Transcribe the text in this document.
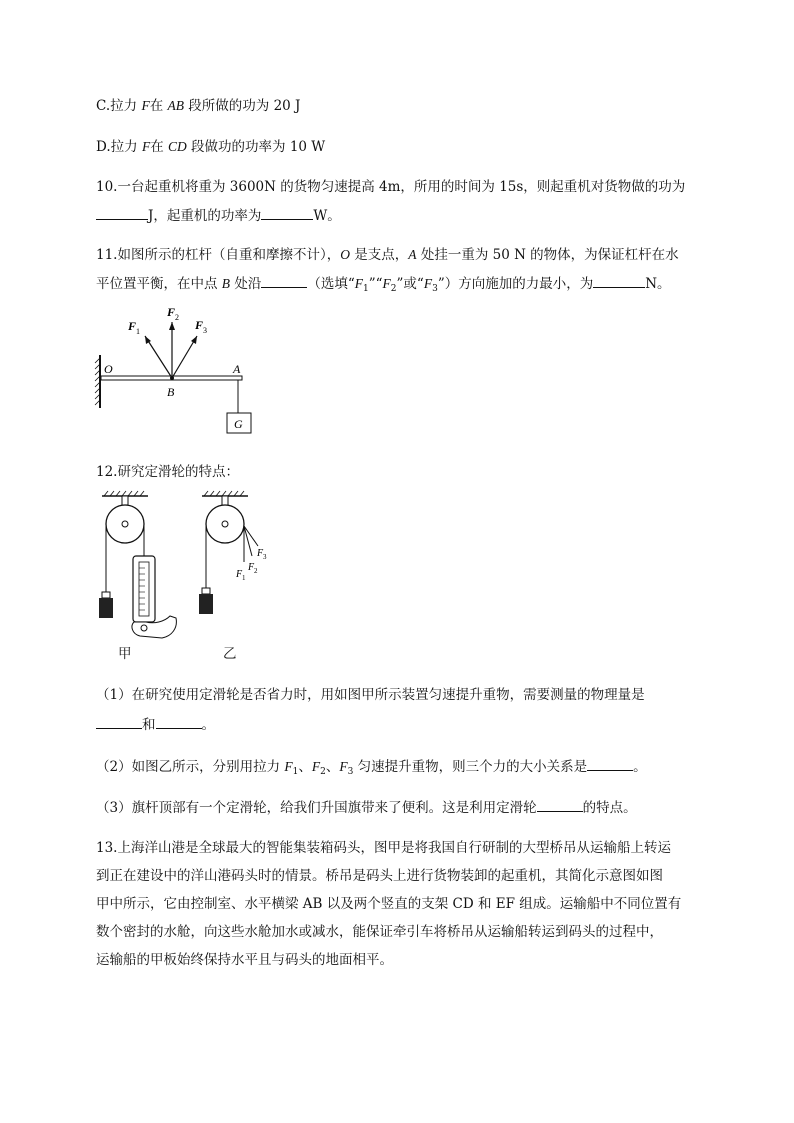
C.拉力 F在 AB 段所做的功为 20 J
D.拉力 F在 CD 段做功的功率为 10 W
10.一台起重机将重为 3600N 的货物匀速提高 4m，所用的时间为 15s，则起重机对货物做的功为
J，起重机的功率为	W。
11.如图所示的杠杆（自重和摩擦不计），O 是支点，A 处挂一重为 50 N 的物体，为保证杠杆在水
平位置平衡，在中点 B 处沿	（选填“$F_1”“F_2$”或“$F_3$”）方向施加的力最小，为	N。
F 1
F 2
F 3
O	A
B
G
12.研究定滑轮的特点：
F 1
F 2
F 3
甲	乙
（1）在研究使用定滑轮是否省力时，用如图甲所示装置匀速提升重物，需要测量的物理量是
和	。
（2）如图乙所示，分别用拉力 $F_1$、$F_2$、$F_3$ 匀速提升重物，则三个力的大小关系是	。
（3）旗杆顶部有一个定滑轮，给我们升国旗带来了便利。这是利用定滑轮	的特点。
13.上海洋山港是全球最大的智能集装箱码头，图甲是将我国自行研制的大型桥吊从运输船上转运
到正在建设中的洋山港码头时的情景。桥吊是码头上进行货物装卸的起重机，其简化示意图如图
甲中所示，它由控制室、水平横梁 AB 以及两个竖直的支架 CD 和 EF 组成。运输船中不同位置有
数个密封的水舱，向这些水舱加水或减水，能保证牵引车将桥吊从运输船转运到码头的过程中，
运输船的甲板始终保持水平且与码头的地面相平。
